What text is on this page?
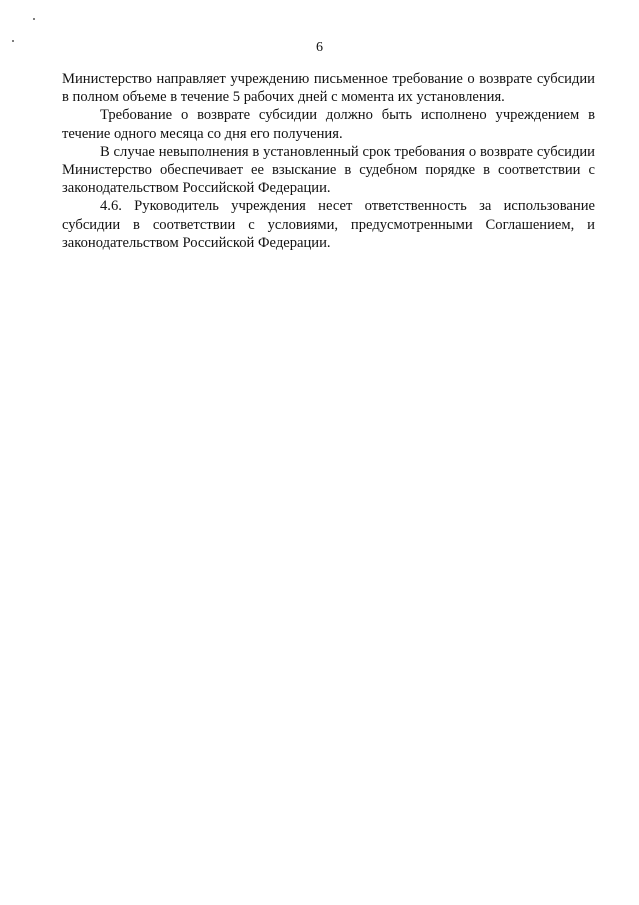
6

Министерство направляет учреждению письменное требование о возврате субсидии в полном объеме в течение 5 рабочих дней с момента их установления.

Требование о возврате субсидии должно быть исполнено учреждением в течение одного месяца со дня его получения.

В случае невыполнения в установленный срок требования о возврате субсидии Министерство обеспечивает ее взыскание в судебном порядке в соответствии с законодательством Российской Федерации.

4.6. Руководитель учреждения несет ответственность за использование субсидии в соответствии с условиями, предусмотренными Соглашением, и законодательством Российской Федерации.
